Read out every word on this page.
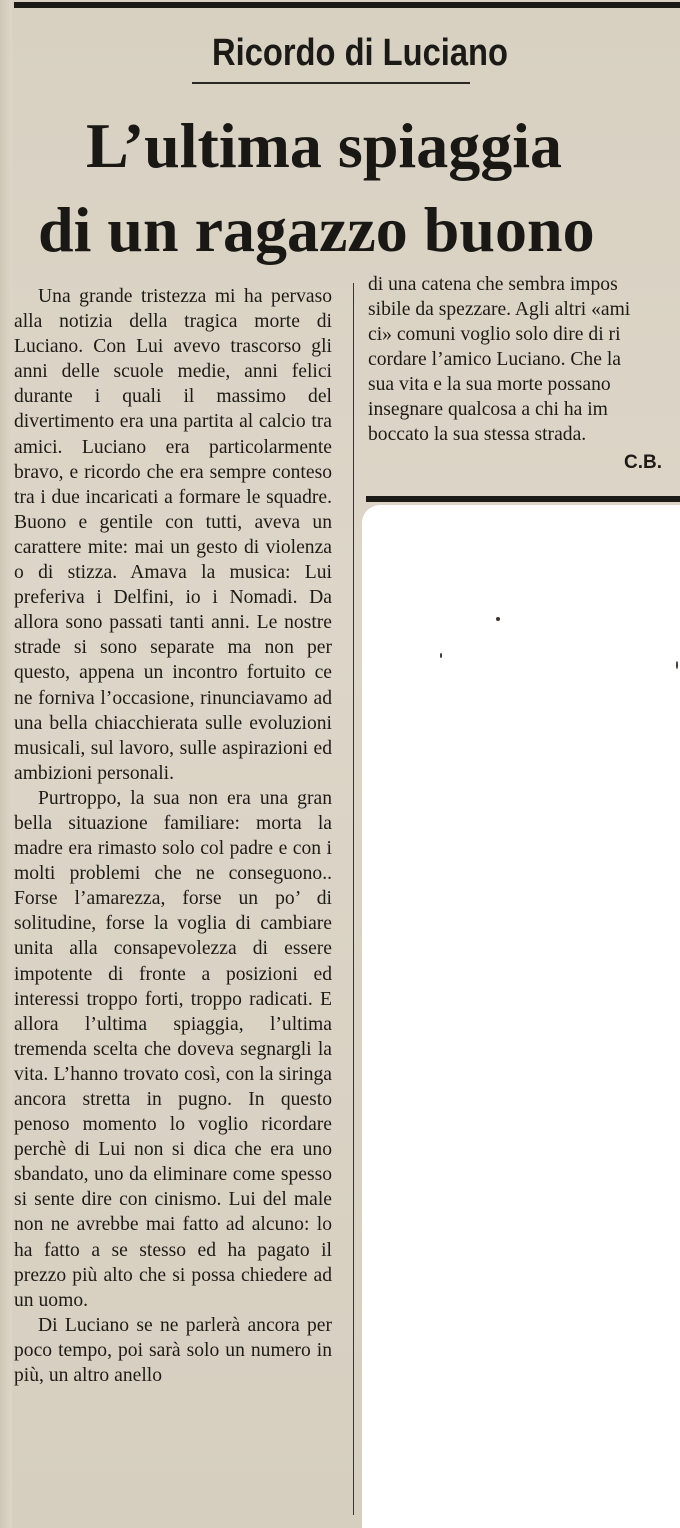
Ricordo di Luciano
L’ultima spiaggia
di un ragazzo buono

Una grande tristezza mi ha pervaso alla notizia della tragica morte di Luciano. Con Lui avevo trascorso gli anni delle scuole medie, anni felici durante i quali il massimo del divertimento era una partita al calcio tra amici. Luciano era particolarmente bravo, e ricordo che era sempre conteso tra i due incaricati a formare le squadre. Buono e gentile con tutti, aveva un carattere mite: mai un gesto di violenza o di stizza. Amava la musica: Lui preferiva i Delfini, io i Nomadi. Da allora sono passati tanti anni. Le nostre strade si sono separate ma non per questo, appena un incontro fortuito ce ne forniva l’occasione, rinunciavamo ad una bella chiacchierata sulle evoluzioni musicali, sul lavoro, sulle aspirazioni ed ambizioni personali.

Purtroppo, la sua non era una gran bella situazione familiare: morta la madre era rimasto solo col padre e con i molti problemi che ne conseguono.. Forse l’amarezza, forse un po’ di solitudine, forse la voglia di cambiare unita alla consapevolezza di essere impotente di fronte a posizioni ed interessi troppo forti, troppo radicati. E allora l’ultima spiaggia, l’ultima tremenda scelta che doveva segnargli la vita. L’hanno trovato così, con la siringa ancora stretta in pugno. In questo penoso momento lo voglio ricordare perchè di Lui non si dica che era uno sbandato, uno da eliminare come spesso si sente dire con cinismo. Lui del male non ne avrebbe mai fatto ad alcuno: lo ha fatto a se stesso ed ha pagato il prezzo più alto che si possa chiedere ad un uomo.

Di Luciano se ne parlerà ancora per poco tempo, poi sarà solo un numero in più, un altro anello

di una catena che sembra impos
sibile da spezzare. Agli altri «ami
ci» comuni voglio solo dire di ri
cordare l’amico Luciano. Che la
sua vita e la sua morte possano
insegnare qualcosa a chi ha im
boccato la sua stessa strada.
C.B.
